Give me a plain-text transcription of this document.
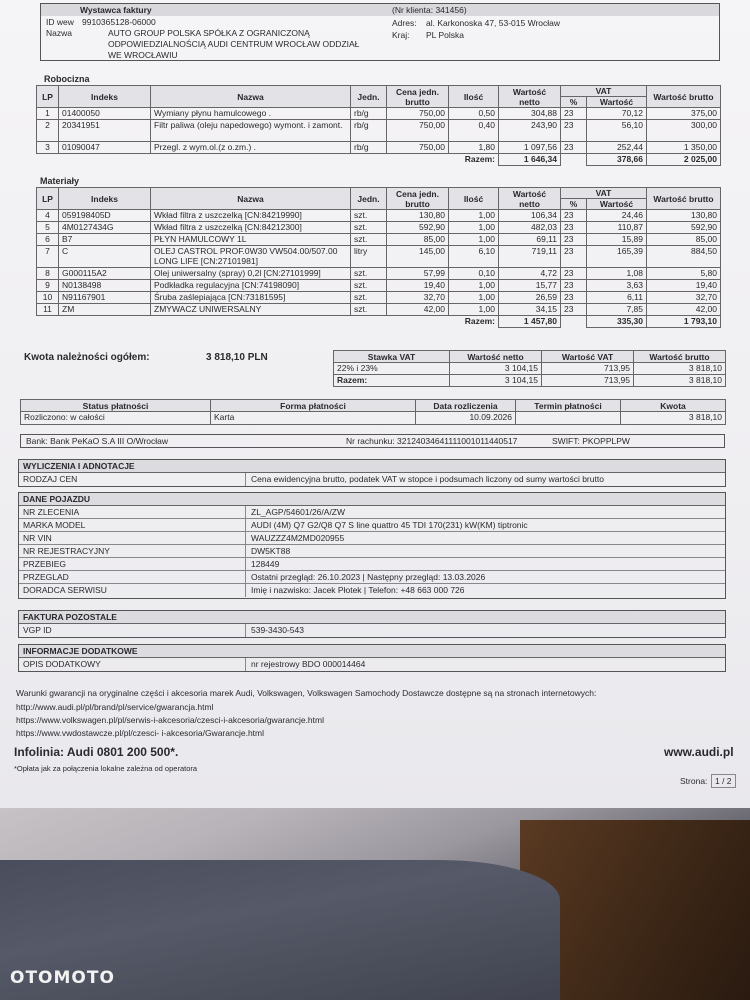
Wystawca faktury	(Nr klienta: 341456)
ID wew 9910365128-06000
Nazwa	AUTO GROUP POLSKA SPÓŁKA Z OGRANICZONĄ
ODPOWIEDZIALNOŚCIĄ AUDI CENTRUM WROCŁAW ODDZIAŁ
WE WROCŁAWIU
Adres: al. Karkonoska 47, 53-015 Wrocław
Kraj: PL Polska
Robocizna
LP	Indeks	Nazwa	Jedn.	Cena jedn. brutto	Ilość	Wartość netto	VAT		Wartość brutto
							%	Wartość	
1	01400050	Wymiany płynu hamulcowego .	rb/g	750,00	0,50	304,88	23	70,12	375,00
2	20341951	Filtr paliwa (oleju napedowego) wymont. i zamont.	rb/g	750,00	0,40	243,90	23	56,10	300,00
3	01090047	Przegl. z wym.ol.(z o.zm.) .	rb/g	750,00	1,80	1 097,56	23	252,44	1 350,00
Razem:						1 646,34		378,66	2 025,00
Materiały
LP	Indeks	Nazwa	Jedn.	Cena jedn. brutto	Ilość	Wartość netto	VAT		Wartość brutto
							%	Wartość	
4	059198405D	Wkład filtra z uszczelką [CN:84219990]	szt.	130,80	1,00	106,34	23	24,46	130,80
5	4M0127434G	Wkład filtra z uszczelką [CN:84212300]	szt.	592,90	1,00	482,03	23	110,87	592,90
6	B7	PŁYN HAMULCOWY 1L	szt.	85,00	1,00	69,11	23	15,89	85,00
7	C	OLEJ CASTROL PROF.0W30 VW504.00/507.00 LONG LIFE [CN:27101981]	litry	145,00	6,10	719,11	23	165,39	884,50
8	G000115A2	Olej uniwersalny (spray) 0,2l [CN:27101999]	szt.	57,99	0,10	4,72	23	1,08	5,80
9	N0138498	Podkładka regulacyjna [CN:74198090]	szt.	19,40	1,00	15,77	23	3,63	19,40
10	N91167901	Śruba zaślepiająca [CN:73181595]	szt.	32,70	1,00	26,59	23	6,11	32,70
11	ZM	ZMYWACZ UNIWERSALNY	szt.	42,00	1,00	34,15	23	7,85	42,00
Razem:						1 457,80		335,30	1 793,10
Kwota należności ogółem:	3 818,10 PLN	Stawka VAT	Wartość netto	Wartość VAT	Wartość brutto
22% i 23%	3 104,15	713,95	3 818,10
Razem:	3 104,15	713,95	3 818,10
Status płatności	Forma płatności	Data rozliczenia	Termin płatności	Kwota
Rozliczono: w całości	Karta	10.09.2026		3 818,10
Bank: Bank PeKaO S.A III O/Wrocław	Nr rachunku: 32124034641111001011440517	SWIFT: PKOPPLPW
WYLICZENIA I ADNOTACJE
RODZAJ CEN	Cena ewidencyjna brutto, podatek VAT w stopce i podsumach liczony od sumy wartości brutto
DANE POJAZDU
NR ZLECENIA	ZL_AGP/54601/26/A/ZW
MARKA MODEL	AUDI (4M) Q7 G2/Q8 Q7 S line quattro 45 TDI 170(231) kW(KM) tiptronic
NR VIN	WAUZZZ4M2MD020955
NR REJESTRACYJNY	DW5KT88
PRZEBIEG	128449
PRZEGLAD	Ostatni przegląd: 26.10.2023 | Następny przegląd: 13.03.2026
DORADCA SERWISU	Imię i nazwisko: Jacek Płotek | Telefon: +48 663 000 726
FAKTURA POZOSTALE
VGP ID	539-3430-543
INFORMACJE DODATKOWE
OPIS DODATKOWY	nr rejestrowy BDO 000014464
Warunki gwarancji na oryginalne części i akcesoria marek Audi, Volkswagen, Volkswagen Samochody Dostawcze dostępne są na stronach internetowych:
http://www.audi.pl/pl/brand/pl/service/gwarancja.html
https://www.volkswagen.pl/pl/serwis-i-akcesoria/czesci-i-akcesoria/gwarancje.html
https://www.vwdostawcze.pl/pl/czesci- i-akcesoria/Gwarancje.html
Infolinia: Audi 0801 200 500*.	www.audi.pl
*Opłata jak za połączenia lokalne zależna od operatora
Strona: 1 / 2
OTOMOTO
